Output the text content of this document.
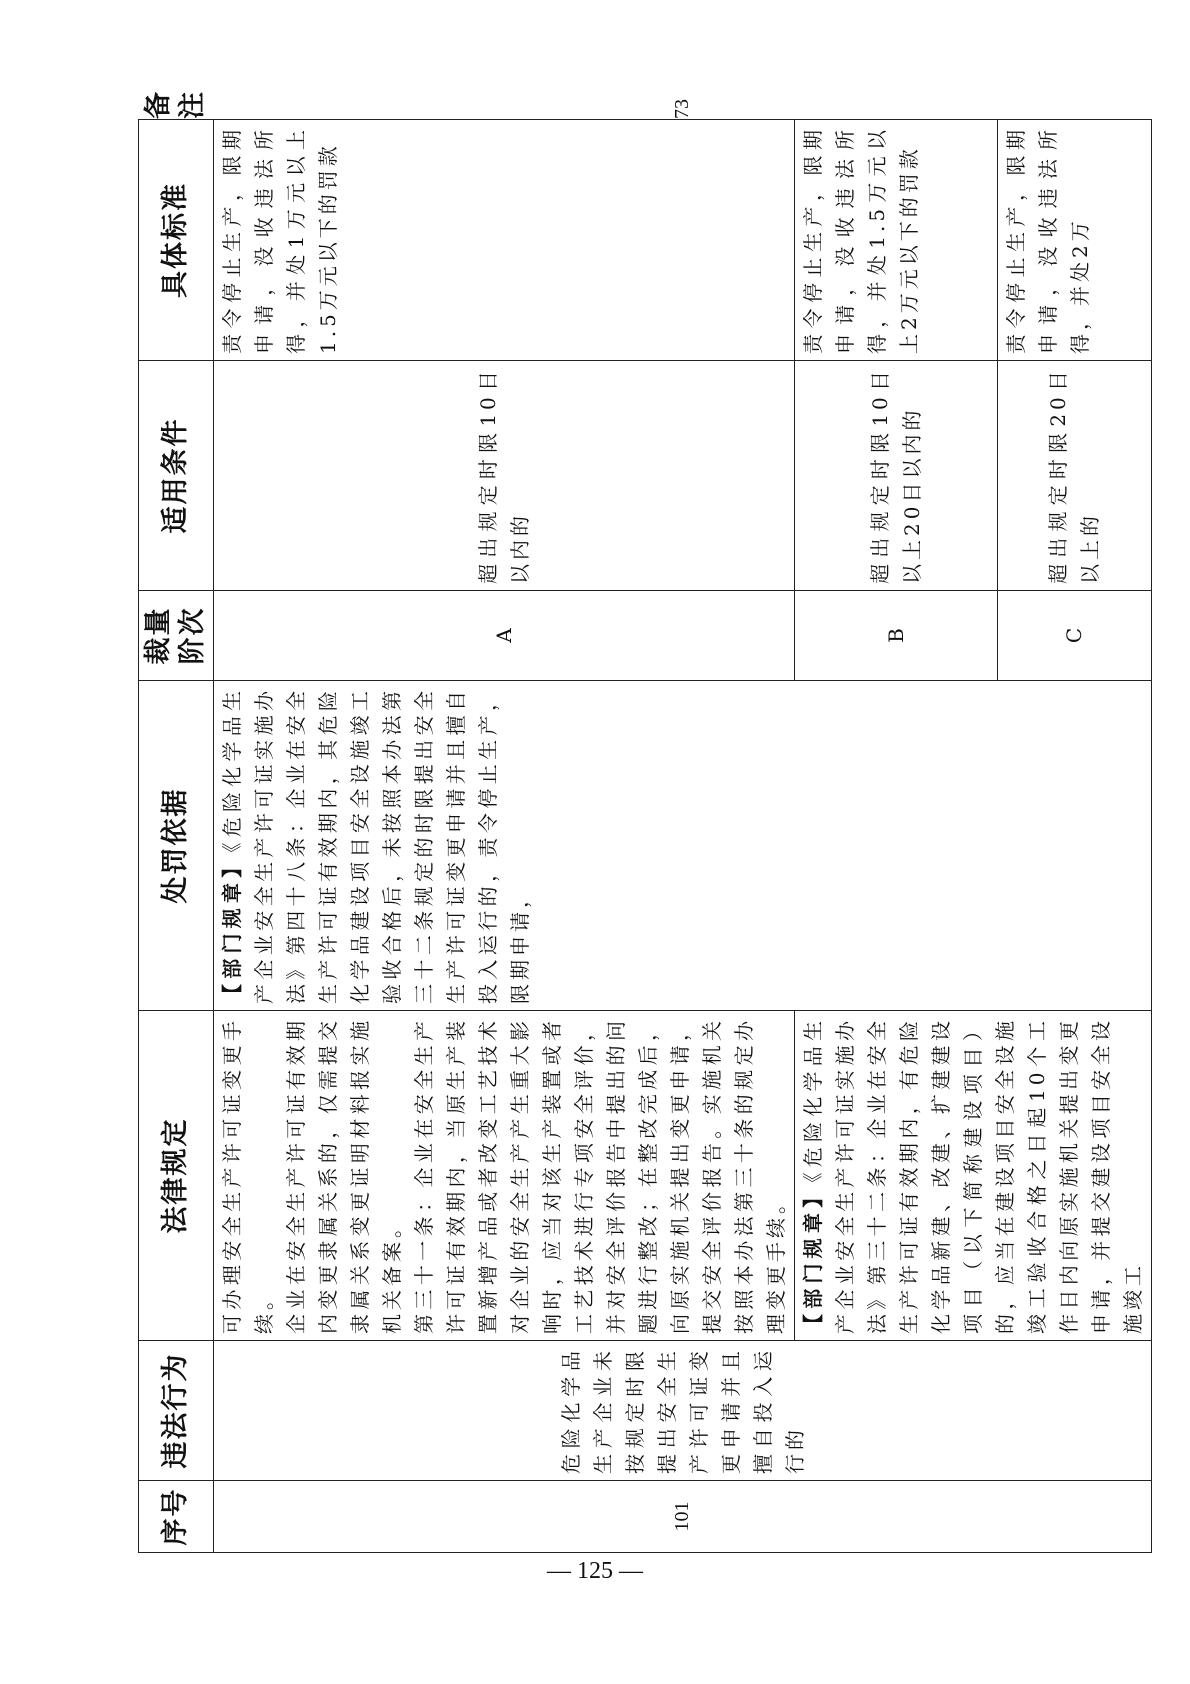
序号	违法行为	法律规定	处罚依据	裁量阶次	适用条件	具体标准	备注
101	危险化学品生产企业未按规定时限提出安全生产许可证变更申请并且擅自投入运行的	可办理安全生产许可证变更手续。 企业在安全生产许可证有效期内变更隶属关系的，仅需提交隶属关系变更证明材料报实施机关备案。 第三十一条：企业在安全生产许可证有效期内，当原生产装置新增产品或者改变工艺技术对企业的安全生产产生重大影响时，应当对该生产装置或者工艺技术进行专项安全评价，并对安全评价报告中提出的问题进行整改；在整改完成后，向原实施机关提出变更申请，提交安全评价报告。实施机关按照本办法第三十条的规定办理变更手续。	【部门规章】《危险化学品生产企业安全生产许可证实施办法》第四十八条：企业在安全生产许可证有效期内，其危险化学品建设项目安全设施竣工验收合格后，未按照本办法第三十二条规定的时限提出安全生产许可证变更申请并且擅自投入运行的，责令停止生产，限期申请，	A	超出规定时限10日以内的	责令停止生产，限期申请，没收违法所得，并处1万元以上1.5万元以下的罚款	73
		【部门规章】《危险化学品生产企业安全生产许可证实施办法》第三十二条：企业在安全生产许可证有效期内，有危险化学品新建、改建、扩建建设项目（以下简称建设项目）的，应当在建设项目安全设施竣工验收合格之日起10个工作日内向原实施机关提出变更申请，并提交建设项目安全设施竣工		B	超出规定时限10日以上20日以内的	责令停止生产，限期申请，没收违法所得，并处1.5万元以上2万元以下的罚款	
				C	超出规定时限20日以上的	责令停止生产，限期申请，没收违法所得，并处2万	
— 125 —
